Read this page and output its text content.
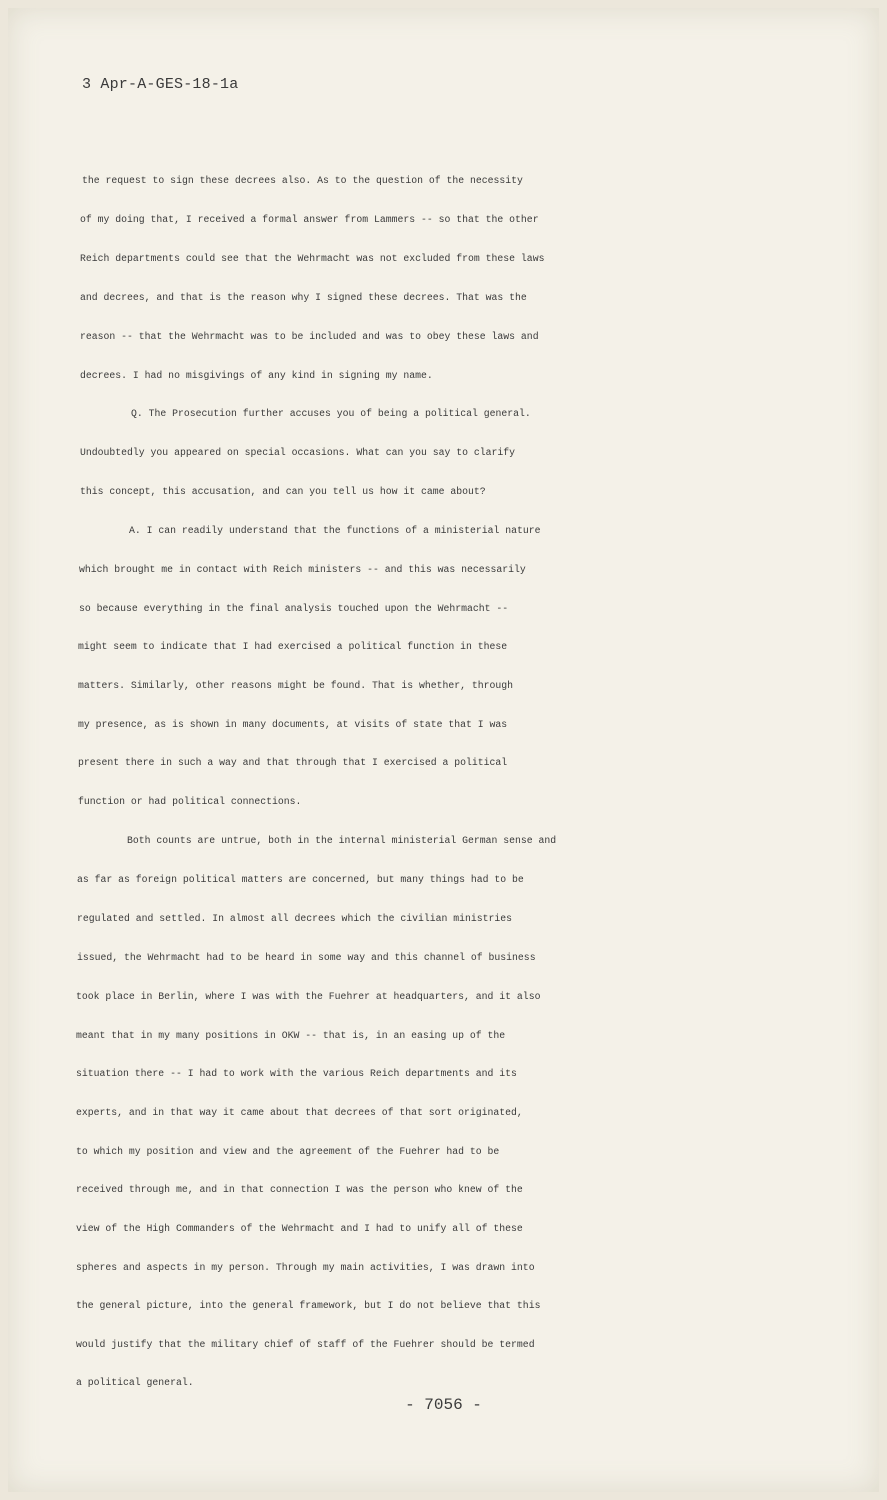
3 Apr-A-GES-18-1a

the request to sign these decrees also. As to the question of the necessity

of my doing that, I received a formal answer from Lammers -- so that the other

Reich departments could see that the Wehrmacht was not excluded from these laws

and decrees, and that is the reason why I signed these decrees. That was the

reason -- that the Wehrmacht was to be included and was to obey these laws and

decrees. I had no misgivings of any kind in signing my name.

Q. The Prosecution further accuses you of being a political general.

Undoubtedly you appeared on special occasions. What can you say to clarify

this concept, this accusation, and can you tell us how it came about?

A. I can readily understand that the functions of a ministerial nature

which brought me in contact with Reich ministers -- and this was necessarily

so because everything in the final analysis touched upon the Wehrmacht --

might seem to indicate that I had exercised a political function in these

matters. Similarly, other reasons might be found. That is whether, through

my presence, as is shown in many documents, at visits of state that I was

present there in such a way and that through that I exercised a political

function or had political connections.

Both counts are untrue, both in the internal ministerial German sense and

as far as foreign political matters are concerned, but many things had to be

regulated and settled. In almost all decrees which the civilian ministries

issued, the Wehrmacht had to be heard in some way and this channel of business

took place in Berlin, where I was with the Fuehrer at headquarters, and it also

meant that in my many positions in OKW -- that is, in an easing up of the

situation there -- I had to work with the various Reich departments and its

experts, and in that way it came about that decrees of that sort originated,

to which my position and view and the agreement of the Fuehrer had to be

received through me, and in that connection I was the person who knew of the

view of the High Commanders of the Wehrmacht and I had to unify all of these

spheres and aspects in my person. Through my main activities, I was drawn into

the general picture, into the general framework, but I do not believe that this

would justify that the military chief of staff of the Fuehrer should be termed

a political general.

- 7056 -
